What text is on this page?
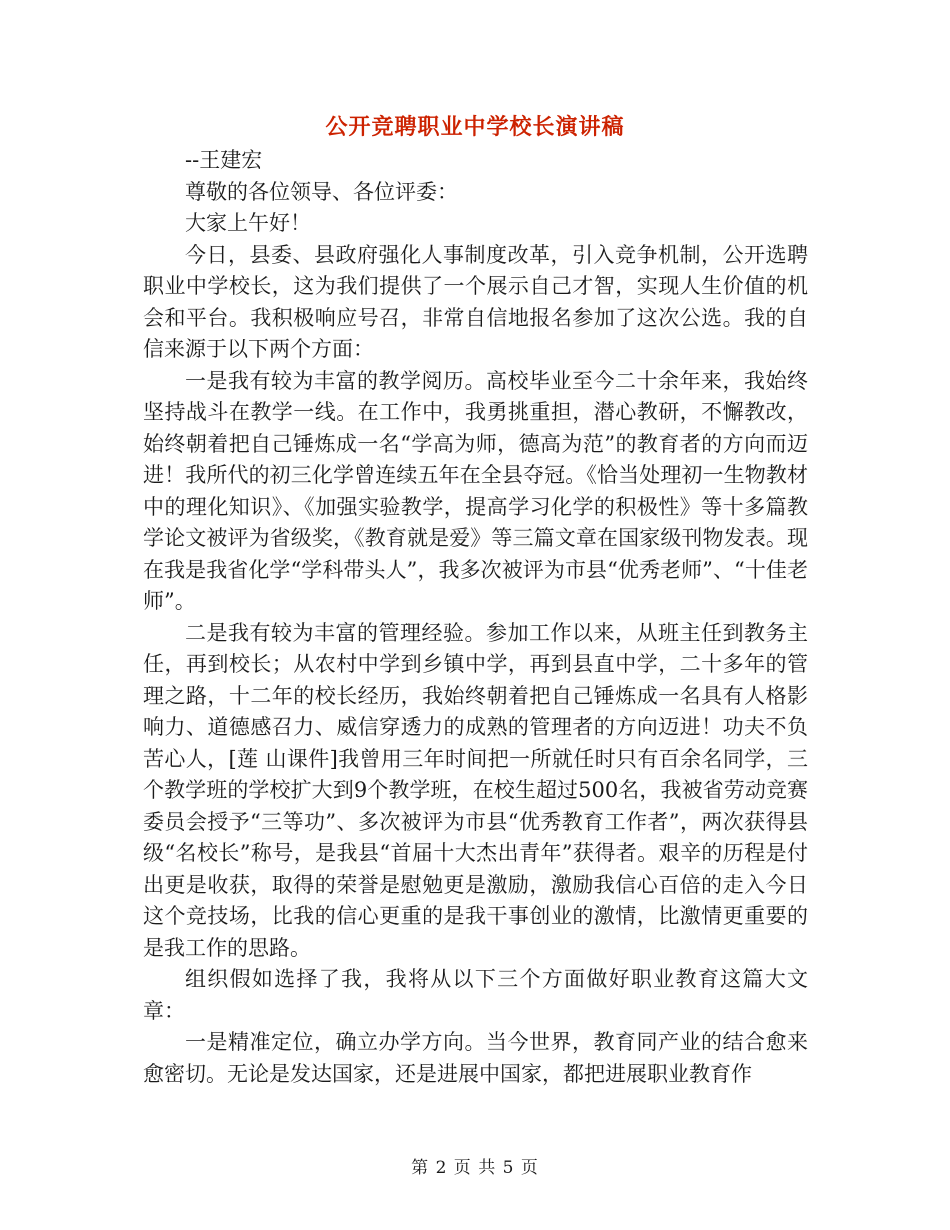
公开竞聘职业中学校长演讲稿

--王建宏

尊敬的各位领导、各位评委：

大家上午好！

今日，县委、县政府强化人事制度改革，引入竞争机制，公开选聘职业中学校长，这为我们提供了一个展示自己才智，实现人生价值的机会和平台。我积极响应号召，非常自信地报名参加了这次公选。我的自信来源于以下两个方面：

一是我有较为丰富的教学阅历。高校毕业至今二十余年来，我始终坚持战斗在教学一线。在工作中，我勇挑重担，潜心教研，不懈教改，始终朝着把自己锤炼成一名“学高为师，德高为范”的教育者的方向而迈进！我所代的初三化学曾连续五年在全县夺冠。《恰当处理初一生物教材中的理化知识》、《加强实验教学，提高学习化学的积极性》等十多篇教学论文被评为省级奖，《教育就是爱》等三篇文章在国家级刊物发表。现在我是我省化学“学科带头人”，我多次被评为市县“优秀老师”、“十佳老师”。

二是我有较为丰富的管理经验。参加工作以来，从班主任到教务主任，再到校长；从农村中学到乡镇中学，再到县直中学，二十多年的管理之路，十二年的校长经历，我始终朝着把自己锤炼成一名具有人格影响力、道德感召力、威信穿透力的成熟的管理者的方向迈进！功夫不负苦心人，[莲 山课件]我曾用三年时间把一所就任时只有百余名同学，三个教学班的学校扩大到9个教学班，在校生超过500名，我被省劳动竞赛委员会授予“三等功”、多次被评为市县“优秀教育工作者”，两次获得县级“名校长”称号，是我县“首届十大杰出青年”获得者。艰辛的历程是付出更是收获，取得的荣誉是慰勉更是激励，激励我信心百倍的走入今日这个竞技场，比我的信心更重的是我干事创业的激情，比激情更重要的是我工作的思路。

组织假如选择了我，我将从以下三个方面做好职业教育这篇大文章：

一是精准定位，确立办学方向。当今世界，教育同产业的结合愈来愈密切。无论是发达国家，还是进展中国家，都把进展职业教育作

第 2 页 共 5 页
